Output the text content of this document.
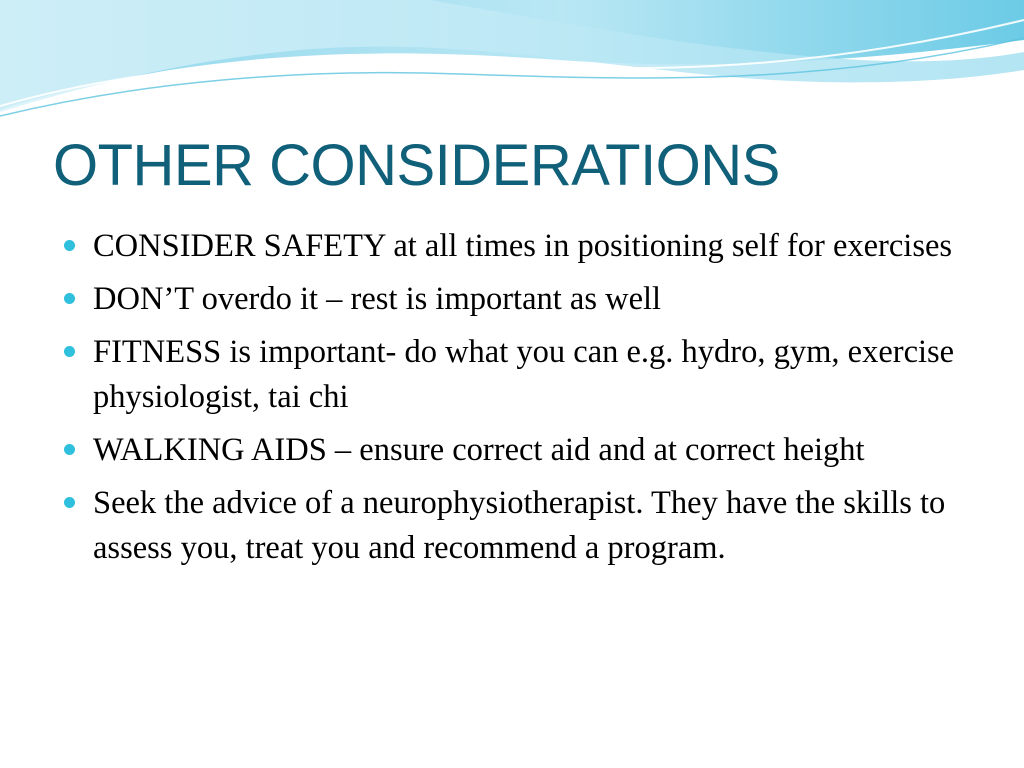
OTHER CONSIDERATIONS
CONSIDER SAFETY at all times in positioning self for exercises
DON’T overdo it – rest is important as well
FITNESS is important- do what you can e.g. hydro, gym, exercise physiologist, tai chi
WALKING AIDS – ensure correct aid and at correct height
Seek the advice of a neurophysiotherapist. They have the skills to assess you, treat you and recommend a program.
